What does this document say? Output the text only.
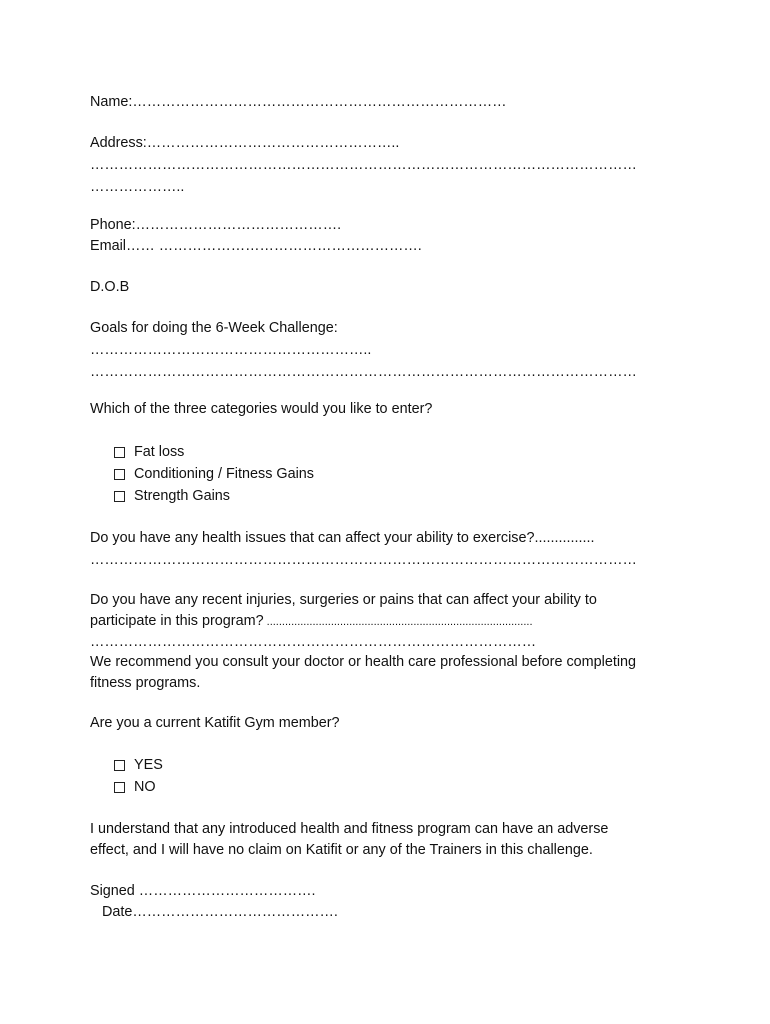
Name:……………………………………………………………………
Address:……………………………………………..
……………………………………………………………………………………………………
………………..
Phone:…………………………………….
Email…… ……………………………………………….
D.O.B
Goals for doing the 6-Week Challenge:
…………………………………………………..
……………………………………………………………………………………………………
Which of the three categories would you like to enter?
Fat loss
Conditioning / Fitness Gains
Strength Gains
Do you have any health issues that can affect your ability to exercise?...............
……………………………………………………………………………………………………
Do you have any recent injuries, surgeries or pains that can affect your ability to
participate in this program? .......................................................................................
…………………………………………………………………………………
We recommend you consult your doctor or health care professional before completing
fitness programs.
Are you a current Katifit Gym member?
YES
NO
I understand that any introduced health and fitness program can have an adverse
effect, and I will have no claim on Katifit or any of the Trainers in this challenge.
Signed ……………………………….
Date…………………………………….
